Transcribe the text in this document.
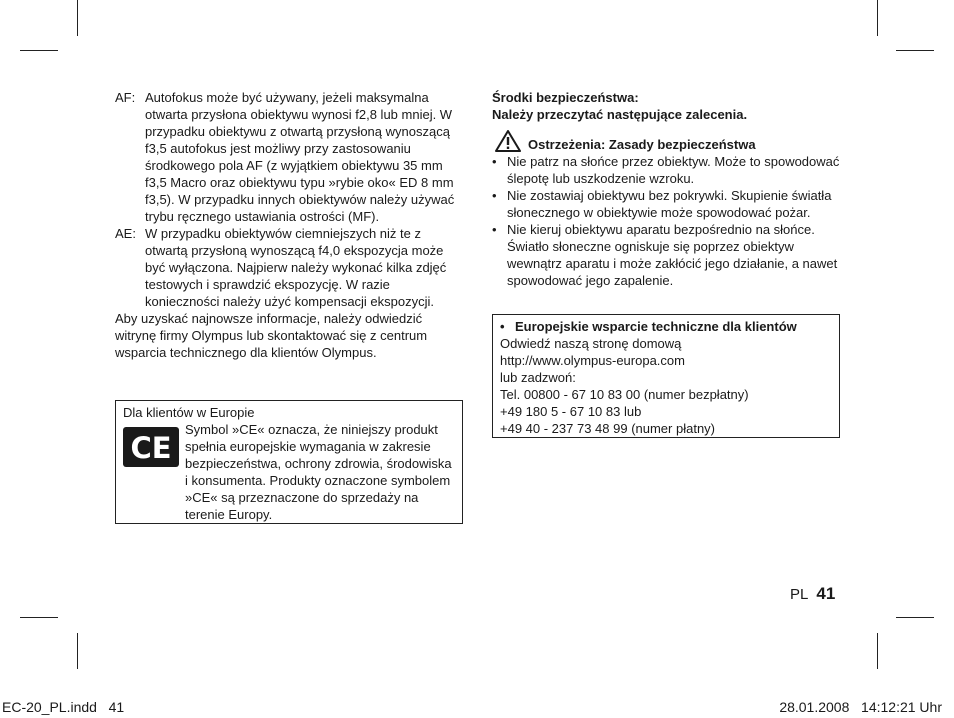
AF: Autofokus może być używany, jeżeli maksymalna otwarta przysłona obiektywu wynosi f2,8 lub mniej. W przypadku obiektywu z otwartą przysłoną wynoszącą f3,5 autofokus jest możliwy przy zastosowaniu środkowego pola AF (z wyjątkiem obiektywu 35 mm f3,5 Macro oraz obiektywu typu »rybie oko« ED 8 mm f3,5). W przypadku innych obiektywów należy używać trybu ręcznego ustawiania ostrości (MF).
AE: W przypadku obiektywów ciemniejszych niż te z otwartą przysłoną wynoszącą f4,0 ekspozycja może być wyłączona. Najpierw należy wykonać kilka zdjęć testowych i sprawdzić ekspozycję. W razie konieczności należy użyć kompensacji ekspozycji.

Aby uzyskać najnowsze informacje, należy odwiedzić witrynę firmy Olympus lub skontaktować się z centrum wsparcia technicznego dla klientów Olympus.

Dla klientów w Europie
CE
Symbol »CE« oznacza, że niniejszy produkt spełnia europejskie wymagania w zakresie bezpieczeństwa, ochrony zdrowia, środowiska i konsumenta. Produkty oznaczone symbolem »CE« są przeznaczone do sprzedaży na terenie Europy.
Środki bezpieczeństwa:
Należy przeczytać następujące zalecenia.
Ostrzeżenia: Zasady bezpieczeństwa
• Nie patrz na słońce przez obiektyw. Może to spowodować ślepotę lub uszkodzenie wzroku.
• Nie zostawiaj obiektywu bez pokrywki. Skupienie światła słonecznego w obiektywie może spowodować pożar.
• Nie kieruj obiektywu aparatu bezpośrednio na słońce. Światło słoneczne ogniskuje się poprzez obiektyw wewnątrz aparatu i może zakłócić jego działanie, a nawet spowodować jego zapalenie.
• Europejskie wsparcie techniczne dla klientów
Odwiedź naszą stronę domową
http://www.olympus-europa.com
lub zadzwoń:
Tel. 00800 - 67 10 83 00 (numer bezpłatny)
+49 180 5 - 67 10 83 lub
+49 40 - 237 73 48 99 (numer płatny)
PL 41
EC-20_PL.indd   41	28.01.2008   14:12:21 Uhr
